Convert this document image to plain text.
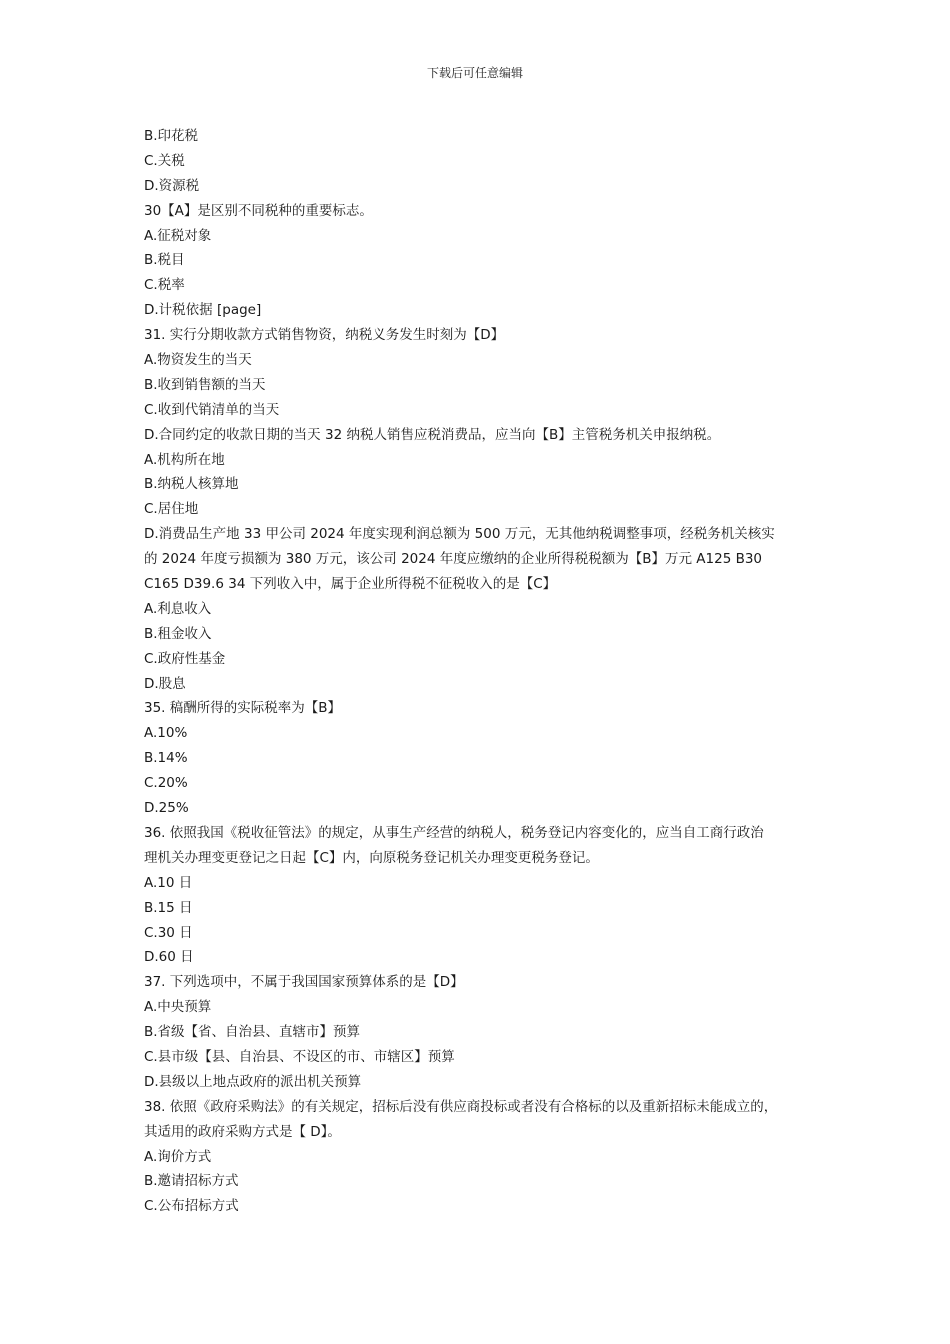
下载后可任意编辑
B.印花税
C.关税
D.资源税
30【A】是区别不同税种的重要标志。
A.征税对象
B.税目
C.税率
D.计税依据 [page]
31. 实行分期收款方式销售物资，纳税义务发生时刻为【D】
A.物资发生的当天
B.收到销售额的当天
C.收到代销清单的当天
D.合同约定的收款日期的当天 32 纳税人销售应税消费品，应当向【B】主管税务机关申报纳税。
A.机构所在地
B.纳税人核算地
C.居住地
D.消费品生产地 33 甲公司 2024 年度实现利润总额为 500 万元，无其他纳税调整事项，经税务机关核实
的 2024 年度亏损额为 380 万元，该公司 2024 年度应缴纳的企业所得税税额为【B】万元 A125 B30
C165 D39.6 34 下列收入中，属于企业所得税不征税收入的是【C】
A.利息收入
B.租金收入
C.政府性基金
D.股息
35. 稿酬所得的实际税率为【B】
A.10%
B.14%
C.20%
D.25%
36. 依照我国《税收征管法》的规定，从事生产经营的纳税人，税务登记内容变化的，应当自工商行政治
理机关办理变更登记之日起【C】内，向原税务登记机关办理变更税务登记。
A.10 日
B.15 日
C.30 日
D.60 日
37. 下列选项中，不属于我国国家预算体系的是【D】
A.中央预算
B.省级【省、自治县、直辖市】预算
C.县市级【县、自治县、不设区的市、市辖区】预算
D.县级以上地点政府的派出机关预算
38. 依照《政府采购法》的有关规定，招标后没有供应商投标或者没有合格标的以及重新招标未能成立的，
其适用的政府采购方式是【 D】。
A.询价方式
B.邀请招标方式
C.公布招标方式
